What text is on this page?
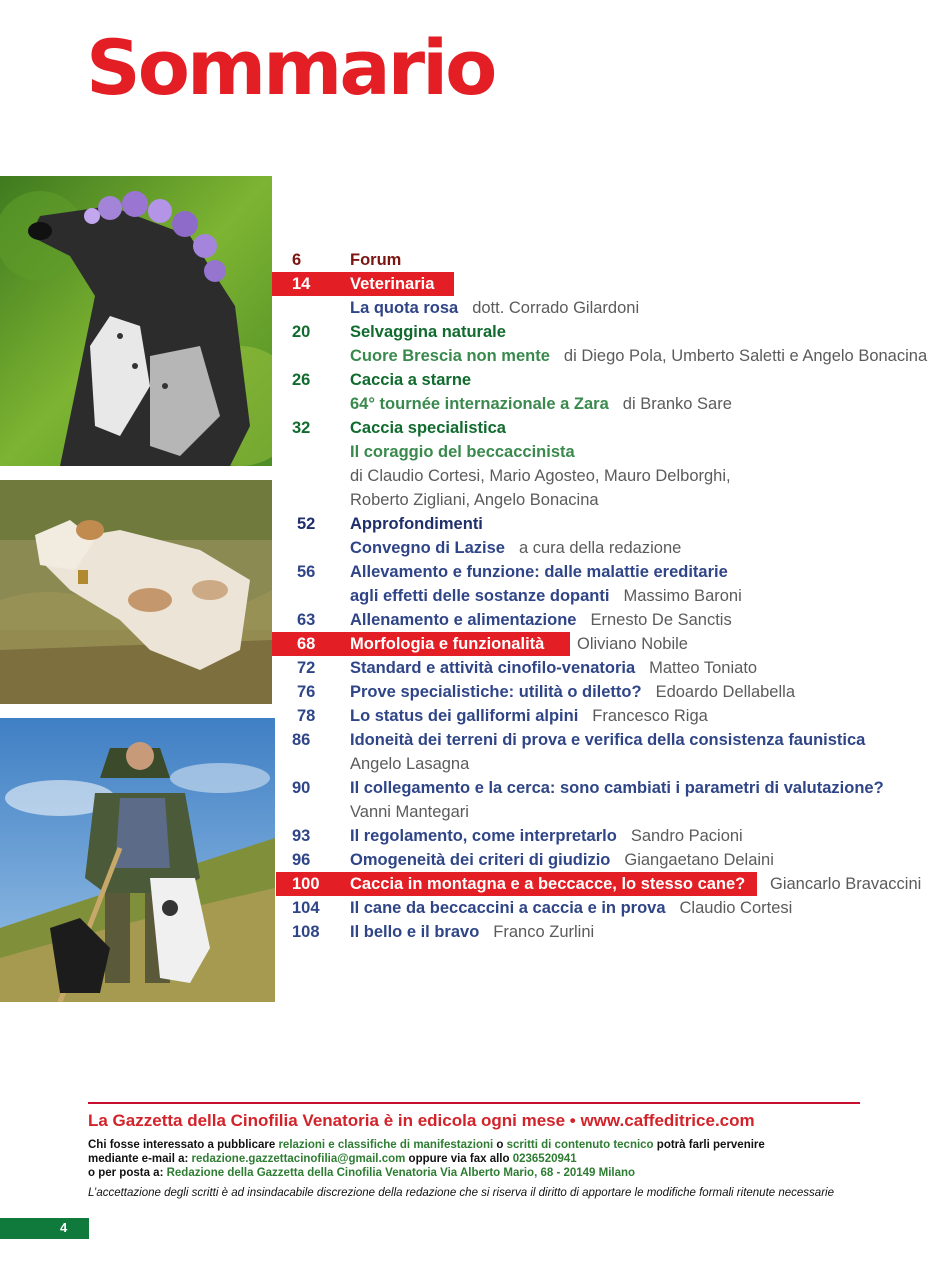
Sommario
6	Forum
14 Veterinaria
La quota rosa dott. Corrado Gilardoni
20 Selvaggina naturale
Cuore Brescia non mente di Diego Pola, Umberto Saletti e Angelo Bonacina
26 Caccia a starne
64° tournée internazionale a Zara di Branko Sare
32 Caccia specialistica
Il coraggio del beccaccinista
di Claudio Cortesi, Mario Agosteo, Mauro Delborghi,
Roberto Zigliani, Angelo Bonacina
52 Approfondimenti
Convegno di Lazise a cura della redazione
56 Allevamento e funzione: dalle malattie ereditarie
agli effetti delle sostanze dopanti Massimo Baroni
63 Allenamento e alimentazione Ernesto De Sanctis
68 Morfologia e funzionalità Oliviano Nobile
72 Standard e attività cinofilo-venatoria Matteo Toniato
76 Prove specialistiche: utilità o diletto? Edoardo Dellabella
78 Lo status dei galliformi alpini Francesco Riga
86 Idoneità dei terreni di prova e verifica della consistenza faunistica
Angelo Lasagna
90 Il collegamento e la cerca: sono cambiati i parametri di valutazione?
Vanni Mantegari
93 Il regolamento, come interpretarlo Sandro Pacioni
96 Omogeneità dei criteri di giudizio Giangaetano Delaini
100 Caccia in montagna e a beccacce, lo stesso cane? Giancarlo Bravaccini
104 Il cane da beccaccini a caccia e in prova Claudio Cortesi
108 Il bello e il bravo Franco Zurlini
La Gazzetta della Cinofilia Venatoria è in edicola ogni mese • www.caffeditrice.com
Chi fosse interessato a pubblicare relazioni e classifiche di manifestazioni o scritti di contenuto tecnico potrà farli pervenire
mediante e-mail a: redazione.gazzettacinofilia@gmail.com oppure via fax allo 0236520941
o per posta a: Redazione della Gazzetta della Cinofilia Venatoria Via Alberto Mario, 68 - 20149 Milano
L’accettazione degli scritti è ad insindacabile discrezione della redazione che si riserva il diritto di apportare le modifiche formali ritenute necessarie
4
